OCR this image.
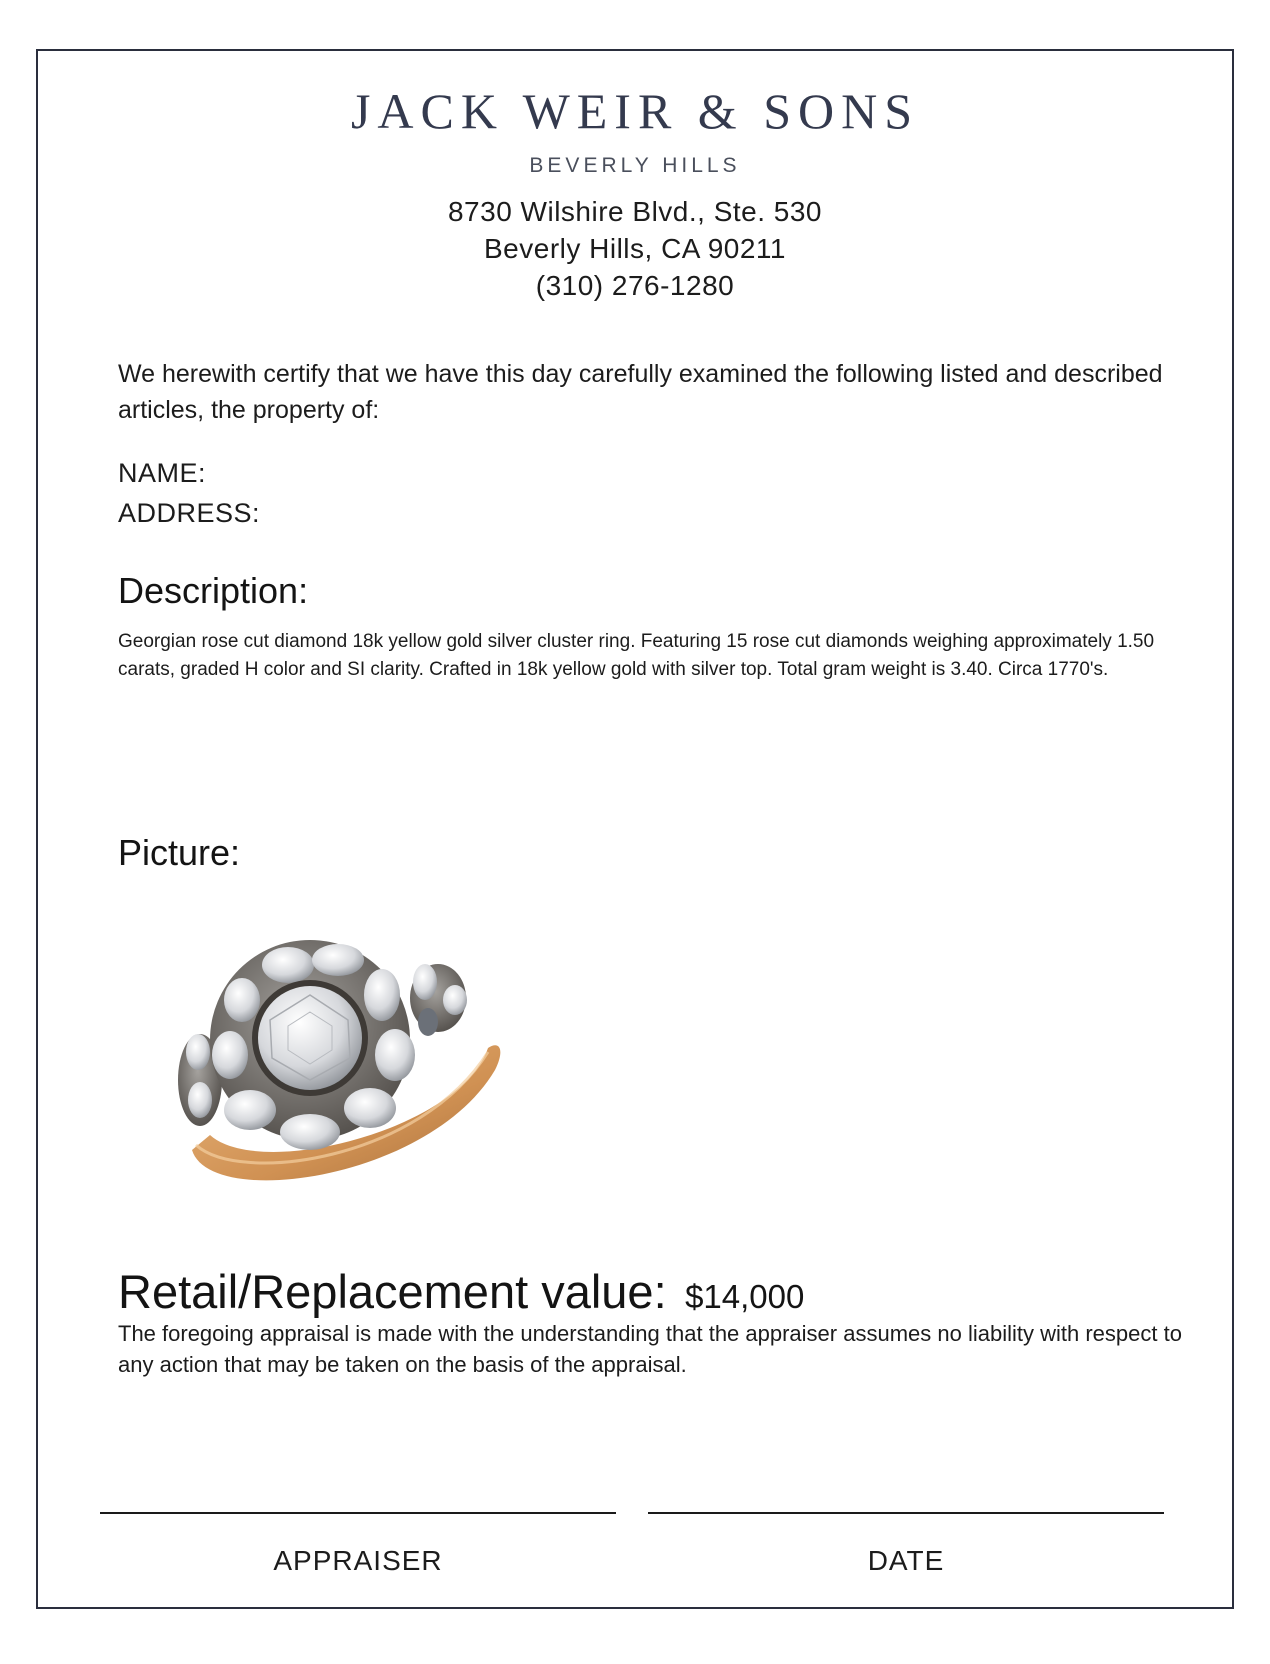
JACK WEIR & SONS
BEVERLY HILLS
8730 Wilshire Blvd., Ste. 530
Beverly Hills, CA 90211
(310) 276-1280
We herewith certify that we have this day carefully examined the following listed and described articles, the property of:
NAME:
ADDRESS:
Description:
Georgian rose cut diamond 18k yellow gold silver cluster ring. Featuring 15 rose cut diamonds weighing approximately 1.50 carats, graded H color and SI clarity. Crafted in 18k yellow gold with silver top. Total gram weight is 3.40. Circa 1770's.
Picture:
Retail/Replacement value: $14,000
The foregoing appraisal is made with the understanding that the appraiser assumes no liability with respect to any action that may be taken on the basis of the appraisal.
APPRAISER	DATE
